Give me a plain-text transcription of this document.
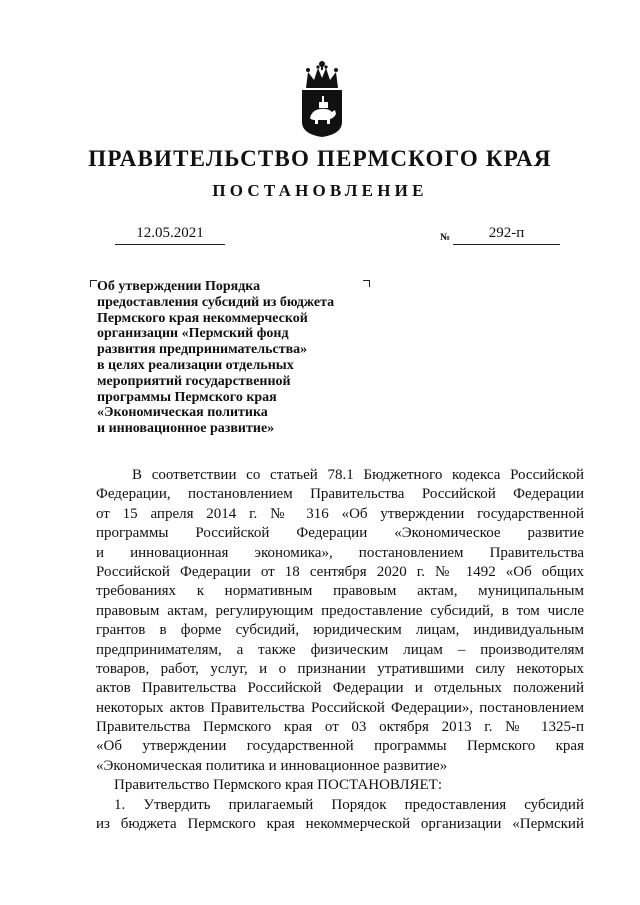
ПРАВИТЕЛЬСТВО ПЕРМСКОГО КРАЯ
ПОСТАНОВЛЕНИЕ
12.05.2021	№	292-п
Об утверждении Порядка
предоставления субсидий из бюджета
Пермского края некоммерческой
организации «Пермский фонд
развития предпринимательства»
в целях реализации отдельных
мероприятий государственной
программы Пермского края
«Экономическая политика
и инновационное развитие»
В соответствии со статьей 78.1 Бюджетного кодекса Российской
Федерации, постановлением Правительства Российской Федерации
от 15 апреля 2014 г. № 316 «Об утверждении государственной
программы Российской Федерации «Экономическое развитие
и инновационная экономика», постановлением Правительства
Российской Федерации от 18 сентября 2020 г. № 1492 «Об общих
требованиях к нормативным правовым актам, муниципальным
правовым актам, регулирующим предоставление субсидий, в том числе
грантов в форме субсидий, юридическим лицам, индивидуальным
предпринимателям, а также физическим лицам – производителям
товаров, работ, услуг, и о признании утратившими силу некоторых
актов Правительства Российской Федерации и отдельных положений
некоторых актов Правительства Российской Федерации», постановлением
Правительства Пермского края от 03 октября 2013 г. № 1325-п
«Об утверждении государственной программы Пермского края
«Экономическая политика и инновационное развитие»
Правительство Пермского края ПОСТАНОВЛЯЕТ:
1. Утвердить прилагаемый Порядок предоставления субсидий
из бюджета Пермского края некоммерческой организации «Пермский
